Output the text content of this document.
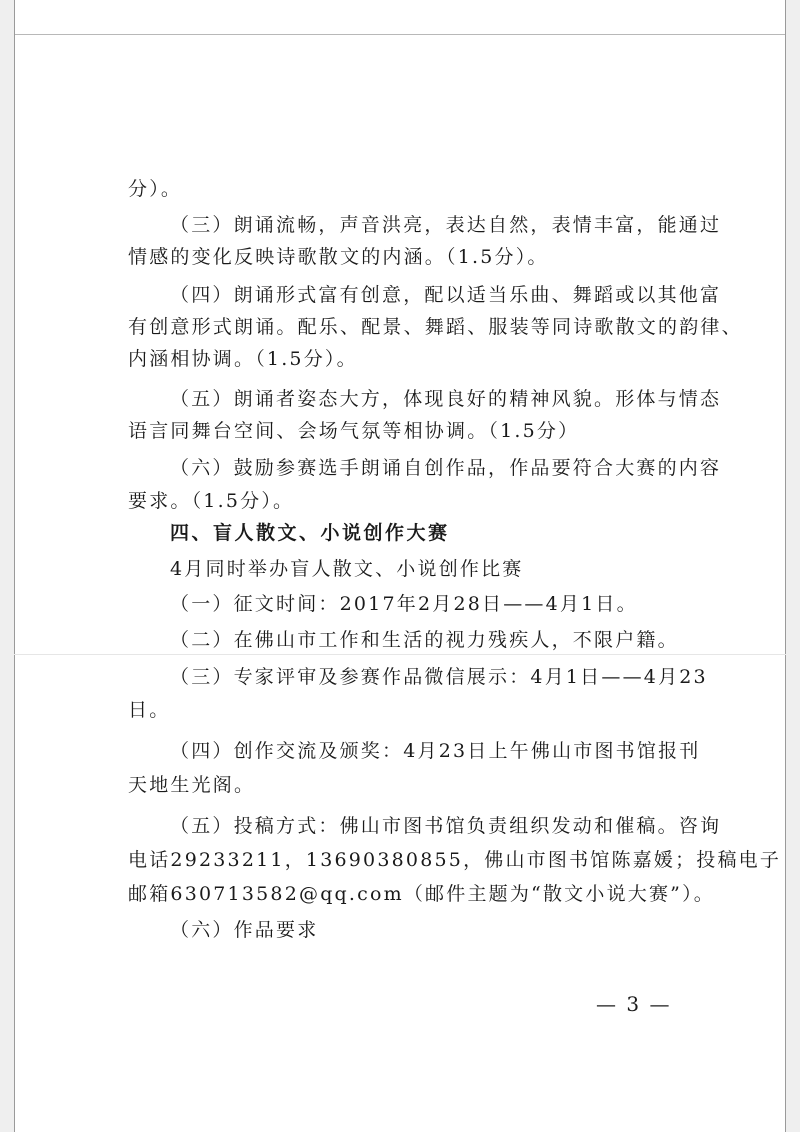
分）。
（三）朗诵流畅，声音洪亮，表达自然，表情丰富，能通过
情感的变化反映诗歌散文的内涵。（1.5分）。
（四）朗诵形式富有创意，配以适当乐曲、舞蹈或以其他富
有创意形式朗诵。配乐、配景、舞蹈、服装等同诗歌散文的韵律、
内涵相协调。（1.5分）。
（五）朗诵者姿态大方，体现良好的精神风貌。形体与情态
语言同舞台空间、会场气氛等相协调。（1.5分）
（六）鼓励参赛选手朗诵自创作品，作品要符合大赛的内容
要求。（1.5分）。
四、盲人散文、小说创作大赛
4月同时举办盲人散文、小说创作比赛
（一）征文时间：2017年2月28日——4月1日。
（二）在佛山市工作和生活的视力残疾人，不限户籍。
（三）专家评审及参赛作品微信展示：4月1日——4月23
日。
（四）创作交流及颁奖：4月23日上午佛山市图书馆报刊
天地生光阁。
（五）投稿方式：佛山市图书馆负责组织发动和催稿。咨询
电话29233211，13690380855，佛山市图书馆陈嘉媛；投稿电子
邮箱630713582@qq.com（邮件主题为“散文小说大赛”）。
（六）作品要求
— 3 —
